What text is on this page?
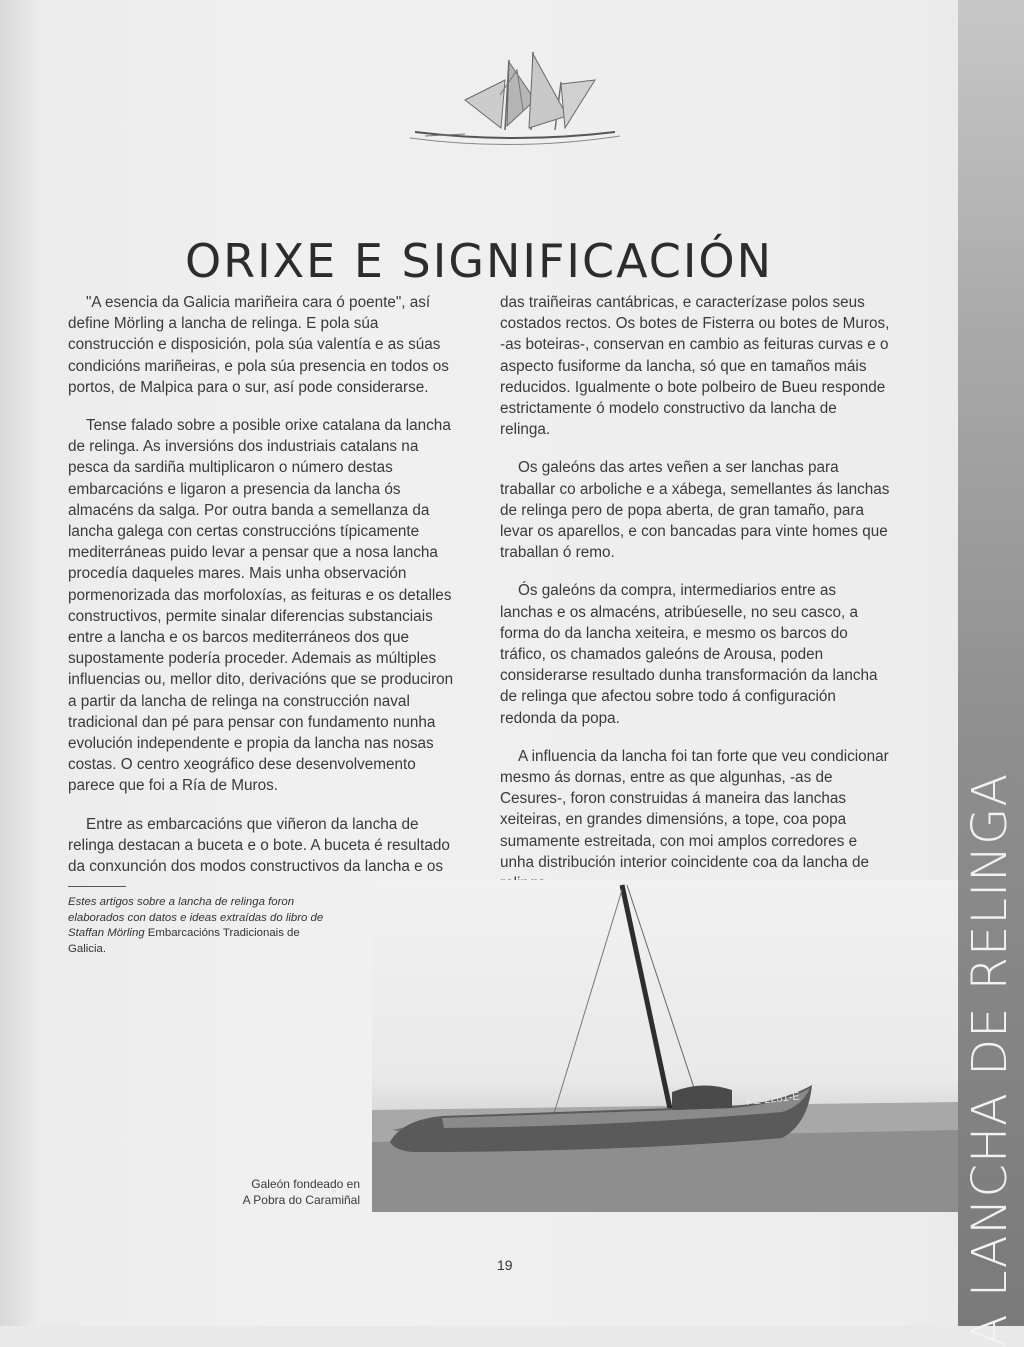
A LANCHA DE RELINGA
ORIXE E SIGNIFICACIÓN

"A esencia da Galicia mariñeira cara ó poente", así define Mörling a lancha de relinga. E pola súa construcción e disposición, pola súa valentía e as súas condicións mariñeiras, e pola súa presencia en todos os portos, de Malpica para o sur, así pode considerarse.

Tense falado sobre a posible orixe catalana da lancha de relinga. As inversións dos industriais catalans na pesca da sardiña multiplicaron o número destas embarcacións e ligaron a presencia da lancha ós almacéns da salga. Por outra banda a semellanza da lancha galega con certas construccións típicamente mediterráneas puido levar a pensar que a nosa lancha procedía daqueles mares. Mais unha observación pormenorizada das morfoloxías, as feituras e os detalles constructivos, permite sinalar diferencias substanciais entre a lancha e os barcos mediterráneos dos que supostamente podería proceder. Ademais as múltiples influencias ou, mellor dito, derivacións que se produciron a partir da lancha de relinga na construcción naval tradicional dan pé para pensar con fundamento nunha evolución independente e propia da lancha nas nosas costas. O centro xeográfico dese desenvolvemento parece que foi a Ría de Muros.

Entre as embarcacións que viñeron da lancha de relinga destacan a buceta e o bote. A buceta é resultado da conxunción dos modos constructivos da lancha e os

das traiñeiras cantábricas, e caracterízase polos seus costados rectos. Os botes de Fisterra ou botes de Muros, -as boteiras-, conservan en cambio as feituras curvas e o aspecto fusiforme da lancha, só que en tamaños máis reducidos. Igualmente o bote polbeiro de Bueu responde estrictamente ó modelo constructivo da lancha de relinga.

Os galeóns das artes veñen a ser lanchas para traballar co arboliche e a xábega, semellantes ás lanchas de relinga pero de popa aberta, de gran tamaño, para levar os aparellos, e con bancadas para vinte homes que traballan ó remo.

Ós galeóns da compra, intermediarios entre as lanchas e os almacéns, atribúeselle, no seu casco, a forma do da lancha xeiteira, e mesmo os barcos do tráfico, os chamados galeóns de Arousa, poden considerarse resultado dunha transformación da lancha de relinga que afectou sobre todo á configuración redonda da popa.

A influencia da lancha foi tan forte que veu condicionar mesmo ás dornas, entre as que algunhas, -as de Cesures-, foron construidas á maneira das lanchas xeiteiras, en grandes dimensións, a tope, coa popa sumamente estreitada, con moi amplos corredores e unha distribución interior coincidente coa da lancha de

Estes artigos sobre a lancha de relinga foron elaborados con datos e ideas extraídas do libro de Staffan Mörling Embarcacións Tradicionais de Galicia.
FE-2281-E
Galeón fondeado en
A Pobra do Caramiñal
19
